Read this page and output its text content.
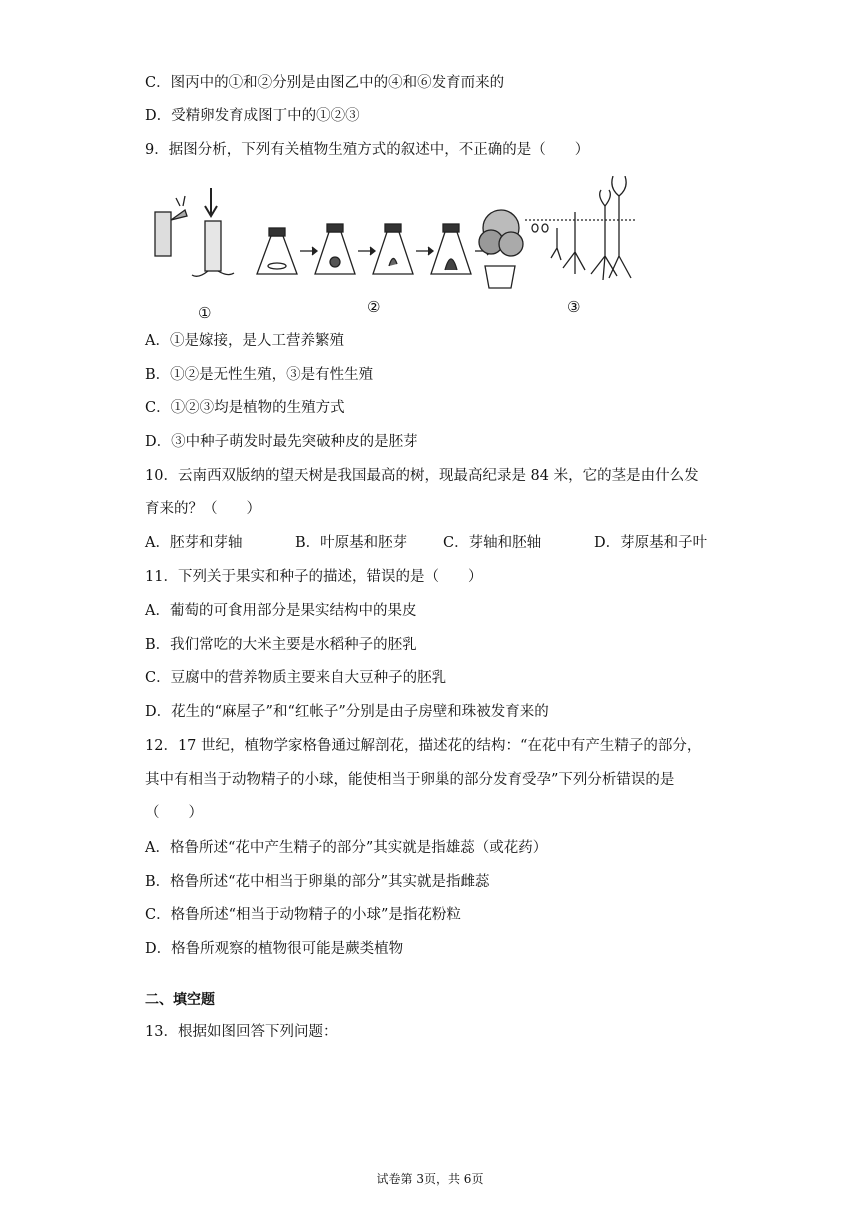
C．图丙中的①和②分别是由图乙中的④和⑥发育而来的
D．受精卵发育成图丁中的①②③
9．据图分析，下列有关植物生殖方式的叙述中，不正确的是（　　）
①	②	③
A．①是嫁接，是人工营养繁殖
B．①②是无性生殖，③是有性生殖
C．①②③均是植物的生殖方式
D．③中种子萌发时最先突破种皮的是胚芽
10．云南西双版纳的望天树是我国最高的树，现最高纪录是 84 米，它的茎是由什么发
育来的？（　　）
A．胚芽和芽轴	B．叶原基和胚芽 C．芽轴和胚轴	D．芽原基和子叶
11．下列关于果实和种子的描述，错误的是（　　）
A．葡萄的可食用部分是果实结构中的果皮
B．我们常吃的大米主要是水稻种子的胚乳
C．豆腐中的营养物质主要来自大豆种子的胚乳
D．花生的“麻屋子”和“红帐子”分别是由子房壁和珠被发育来的
12．17 世纪，植物学家格鲁通过解剖花，描述花的结构：“在花中有产生精子的部分，
其中有相当于动物精子的小球，能使相当于卵巢的部分发育受孕”下列分析错误的是
（　　）
A．格鲁所述“花中产生精子的部分”其实就是指雄蕊（或花药）
B．格鲁所述“花中相当于卵巢的部分”其实就是指雌蕊
C．格鲁所述“相当于动物精子的小球”是指花粉粒
D．格鲁所观察的植物很可能是蕨类植物
二、填空题
13．根据如图回答下列问题：
试卷第 3页，共 6页
